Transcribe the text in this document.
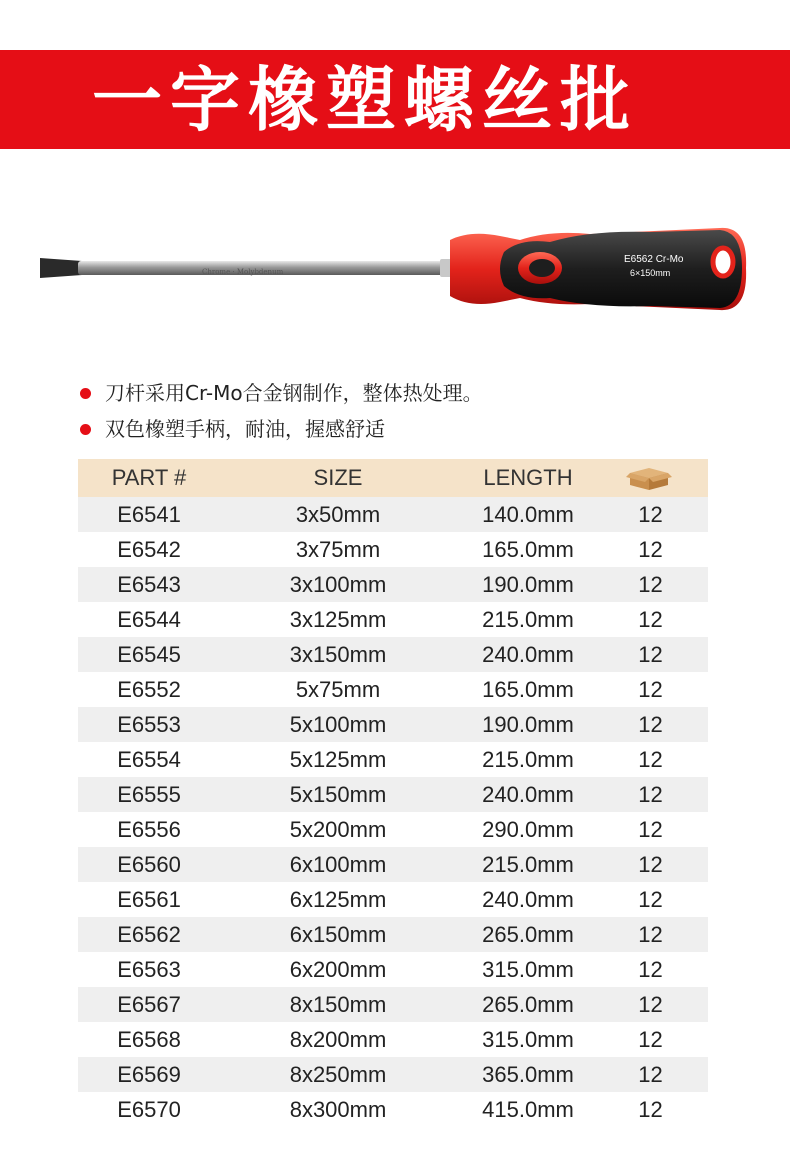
一字橡塑螺丝批
Chrome · Molybdenum
E6562 Cr-Mo
6×150mm
刀杆采用Cr-Mo合金钢制作，整体热处理。
双色橡塑手柄，耐油，握感舒适
PART #	SIZE	LENGTH
E6541	3x50mm	140.0mm	12
E6542	3x75mm	165.0mm	12
E6543	3x100mm	190.0mm	12
E6544	3x125mm	215.0mm	12
E6545	3x150mm	240.0mm	12
E6552	5x75mm	165.0mm	12
E6553	5x100mm	190.0mm	12
E6554	5x125mm	215.0mm	12
E6555	5x150mm	240.0mm	12
E6556	5x200mm	290.0mm	12
E6560	6x100mm	215.0mm	12
E6561	6x125mm	240.0mm	12
E6562	6x150mm	265.0mm	12
E6563	6x200mm	315.0mm	12
E6567	8x150mm	265.0mm	12
E6568	8x200mm	315.0mm	12
E6569	8x250mm	365.0mm	12
E6570	8x300mm	415.0mm	12
